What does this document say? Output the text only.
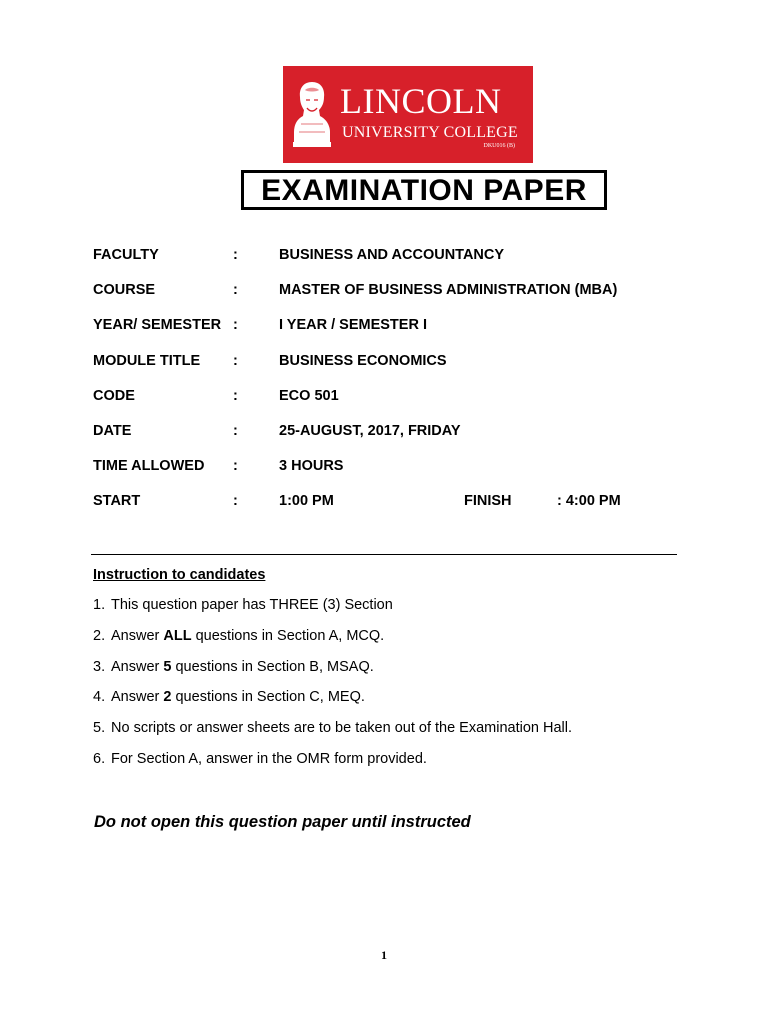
LINCOLN
UNIVERSITY COLLEGE
DKU016 (B)
EXAMINATION PAPER
FACULTY	:	BUSINESS AND ACCOUNTANCY
COURSE	:	MASTER OF BUSINESS ADMINISTRATION (MBA)
YEAR/ SEMESTER :	I YEAR / SEMESTER I
MODULE TITLE :	BUSINESS ECONOMICS
CODE	:	ECO 501
DATE	:	25-AUGUST, 2017, FRIDAY
TIME ALLOWED :	3 HOURS
START	:	1:00 PM	FINISH	: 4:00 PM
Instruction to candidates
1. This question paper has THREE (3) Section
2. Answer ALL questions in Section A, MCQ.
3. Answer 5 questions in Section B, MSAQ.
4. Answer 2 questions in Section C, MEQ.
5. No scripts or answer sheets are to be taken out of the Examination Hall.
6. For Section A, answer in the OMR form provided.
Do not open this question paper until instructed
1
